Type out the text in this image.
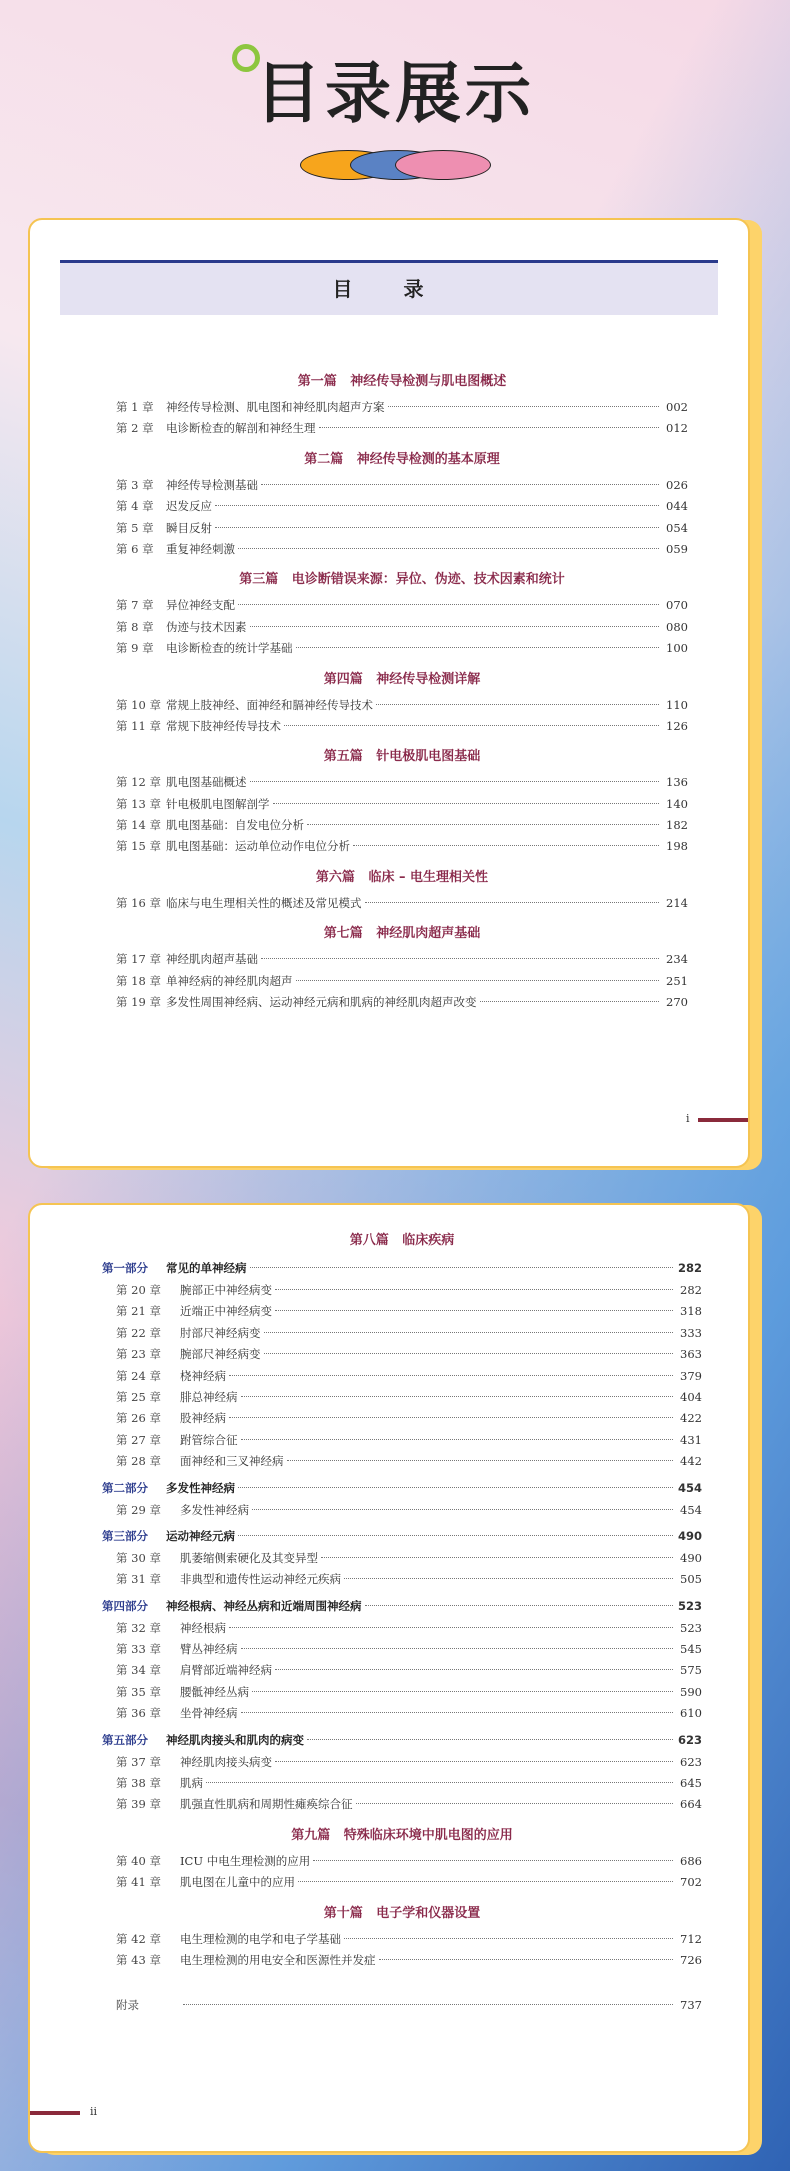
目录展示
目 录
第一篇   神经传导检测与肌电图概述
第 1 章	神经传导检测、肌电图和神经肌肉超声方案	002
第 2 章	电诊断检查的解剖和神经生理	012
第二篇   神经传导检测的基本原理
第 3 章	神经传导检测基础	026
第 4 章	迟发反应	044
第 5 章	瞬目反射	054
第 6 章	重复神经刺激	059
第三篇   电诊断错误来源：异位、伪迹、技术因素和统计
第 7 章	异位神经支配	070
第 8 章	伪迹与技术因素	080
第 9 章	电诊断检查的统计学基础	100
第四篇   神经传导检测详解
第 10 章 常规上肢神经、面神经和膈神经传导技术	110
第 11 章 常规下肢神经传导技术	126
第五篇   针电极肌电图基础
第 12 章 肌电图基础概述	136
第 13 章 针电极肌电图解剖学	140
第 14 章 肌电图基础：自发电位分析	182
第 15 章 肌电图基础：运动单位动作电位分析	198
第六篇   临床 – 电生理相关性
第 16 章 临床与电生理相关性的概述及常见模式	214
第七篇   神经肌肉超声基础
第 17 章 神经肌肉超声基础	234
第 18 章 单神经病的神经肌肉超声	251
第 19 章 多发性周围神经病、运动神经元病和肌病的神经肌肉超声改变	270
i
第八篇   临床疾病
第一部分	常见的单神经病	282
第 20 章	腕部正中神经病变	282
第 21 章	近端正中神经病变	318
第 22 章	肘部尺神经病变	333
第 23 章	腕部尺神经病变	363
第 24 章	桡神经病	379
第 25 章	腓总神经病	404
第 26 章	股神经病	422
第 27 章	跗管综合征	431
第 28 章	面神经和三叉神经病	442
第二部分	多发性神经病	454
第 29 章	多发性神经病	454
第三部分	运动神经元病	490
第 30 章	肌萎缩侧索硬化及其变异型	490
第 31 章	非典型和遗传性运动神经元疾病	505
第四部分	神经根病、神经丛病和近端周围神经病	523
第 32 章	神经根病	523
第 33 章	臂丛神经病	545
第 34 章	肩臂部近端神经病	575
第 35 章	腰骶神经丛病	590
第 36 章	坐骨神经病	610
第五部分	神经肌肉接头和肌肉的病变	623
第 37 章	神经肌肉接头病变	623
第 38 章	肌病	645
第 39 章	肌强直性肌病和周期性瘫痪综合征	664
第九篇   特殊临床环境中肌电图的应用
第 40 章	ICU 中电生理检测的应用	686
第 41 章	肌电图在儿童中的应用	702
第十篇   电子学和仪器设置
第 42 章	电生理检测的电学和电子学基础	712
第 43 章	电生理检测的用电安全和医源性并发症	726
附录	737
ii
